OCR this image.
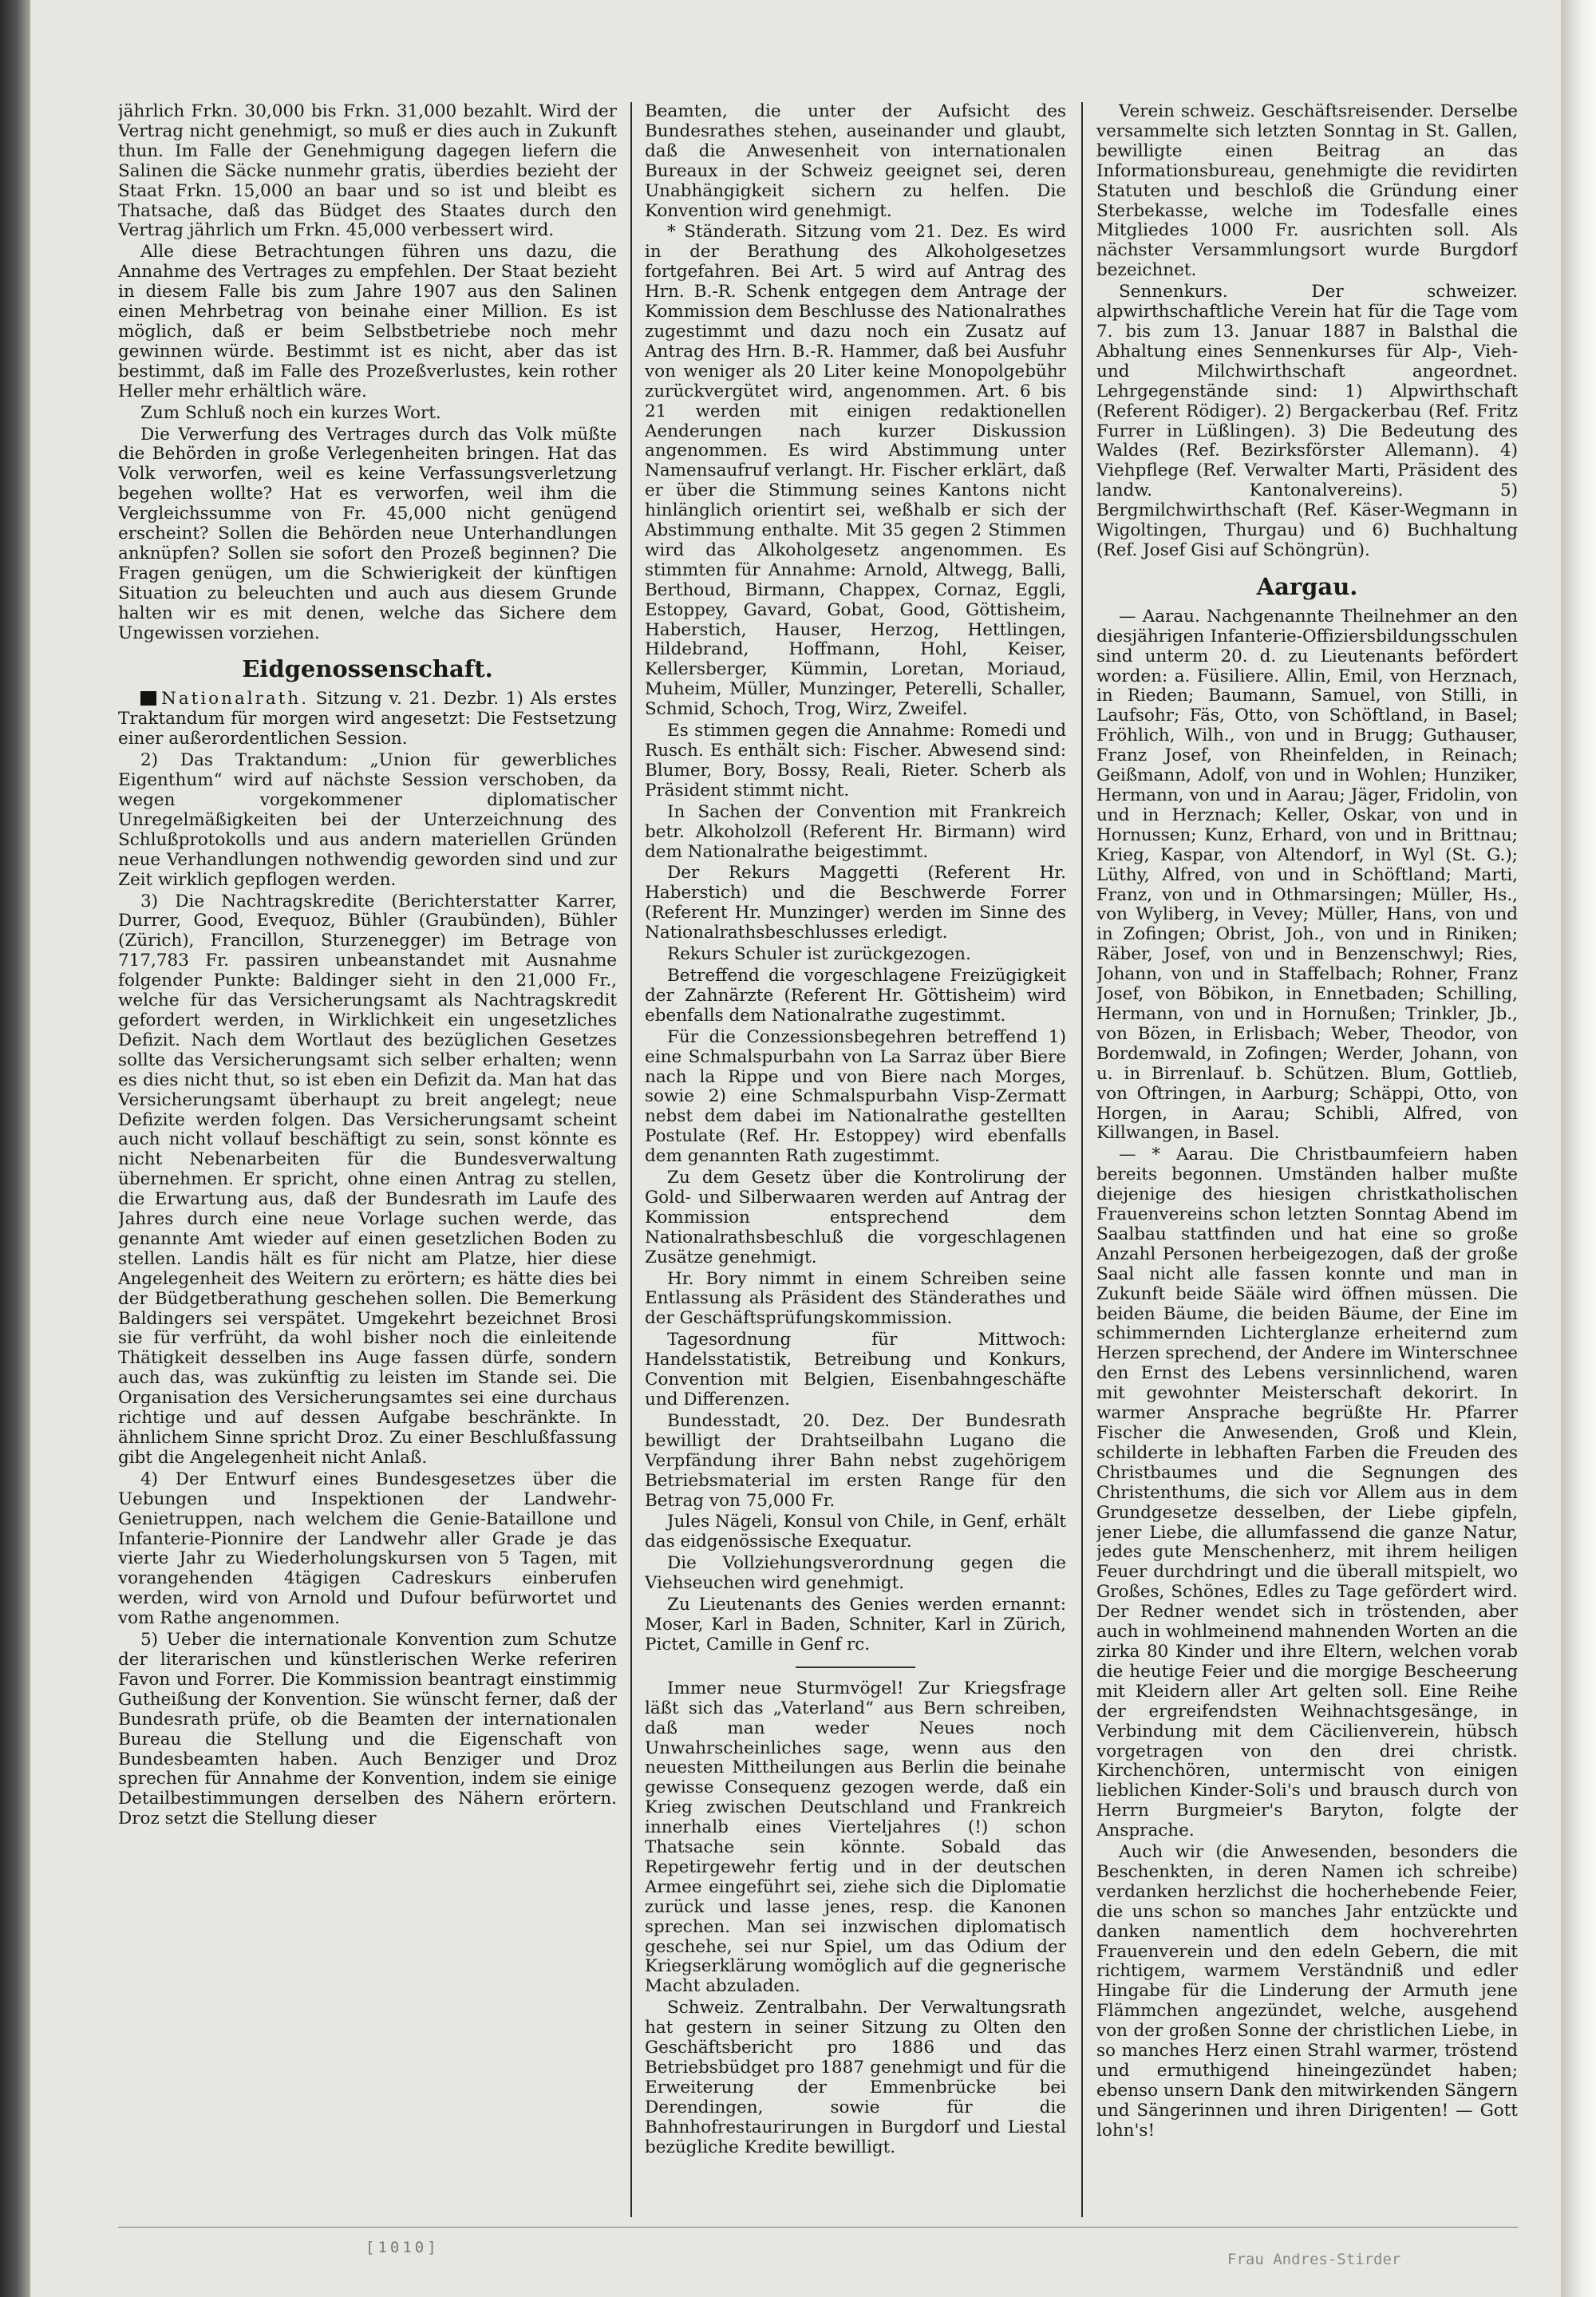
jährlich Frkn. 30,000 bis Frkn. 31,000 bezahlt. Wird der Vertrag nicht genehmigt, so muß er dies auch in Zukunft thun. Im Falle der Genehmigung dagegen liefern die Salinen die Säcke nunmehr gratis, überdies bezieht der Staat Frkn. 15,000 an baar und so ist und bleibt es Thatsache, daß das Büdget des Staates durch den Vertrag jährlich um Frkn. 45,000 verbessert wird.

Alle diese Betrachtungen führen uns dazu, die Annahme des Vertrages zu empfehlen. Der Staat bezieht in diesem Falle bis zum Jahre 1907 aus den Salinen einen Mehrbetrag von beinahe einer Million. Es ist möglich, daß er beim Selbstbetriebe noch mehr gewinnen würde. Bestimmt ist es nicht, aber das ist bestimmt, daß im Falle des Prozeßverlustes, kein rother Heller mehr erhältlich wäre.

Zum Schluß noch ein kurzes Wort.

Die Verwerfung des Vertrages durch das Volk müßte die Behörden in große Verlegenheiten bringen. Hat das Volk verworfen, weil es keine Verfassungsverletzung begehen wollte? Hat es verworfen, weil ihm die Vergleichssumme von Fr. 45,000 nicht genügend erscheint? Sollen die Behörden neue Unterhandlungen anknüpfen? Sollen sie sofort den Prozeß beginnen? Die Fragen genügen, um die Schwierigkeit der künftigen Situation zu beleuchten und auch aus diesem Grunde halten wir es mit denen, welche das Sichere dem Ungewissen vorziehen.

Eidgenossenschaft.

Nationalrath. Sitzung v. 21. Dezbr. 1) Als erstes Traktandum für morgen wird angesetzt: Die Festsetzung einer außerordentlichen Session.

2) Das Traktandum: „Union für gewerbliches Eigenthum“ wird auf nächste Session verschoben, da wegen vorgekommener diplomatischer Unregelmäßigkeiten bei der Unterzeichnung des Schlußprotokolls und aus andern materiellen Gründen neue Verhandlungen nothwendig geworden sind und zur Zeit wirklich gepflogen werden.

3) Die Nachtragskredite (Berichterstatter Karrer, Durrer, Good, Evequoz, Bühler (Graubünden), Bühler (Zürich), Francillon, Sturzenegger) im Betrage von 717,783 Fr. passiren unbeanstandet mit Ausnahme folgender Punkte: Baldinger sieht in den 21,000 Fr., welche für das Versicherungsamt als Nachtragskredit gefordert werden, in Wirklichkeit ein ungesetzliches Defizit. Nach dem Wortlaut des bezüglichen Gesetzes sollte das Versicherungsamt sich selber erhalten; wenn es dies nicht thut, so ist eben ein Defizit da. Man hat das Versicherungsamt überhaupt zu breit angelegt; neue Defizite werden folgen. Das Versicherungsamt scheint auch nicht vollauf beschäftigt zu sein, sonst könnte es nicht Nebenarbeiten für die Bundesverwaltung übernehmen. Er spricht, ohne einen Antrag zu stellen, die Erwartung aus, daß der Bundesrath im Laufe des Jahres durch eine neue Vorlage suchen werde, das genannte Amt wieder auf einen gesetzlichen Boden zu stellen. Landis hält es für nicht am Platze, hier diese Angelegenheit des Weitern zu erörtern; es hätte dies bei der Büdgetberathung geschehen sollen. Die Bemerkung Baldingers sei verspätet. Umgekehrt bezeichnet Brosi sie für verfrüht, da wohl bisher noch die einleitende Thätigkeit desselben ins Auge fassen dürfe, sondern auch das, was zukünftig zu leisten im Stande sei. Die Organisation des Versicherungsamtes sei eine durchaus richtige und auf dessen Aufgabe beschränkte. In ähnlichem Sinne spricht Droz. Zu einer Beschlußfassung gibt die Angelegenheit nicht Anlaß.

4) Der Entwurf eines Bundesgesetzes über die Uebungen und Inspektionen der Landwehr-Genietruppen, nach welchem die Genie-Bataillone und Infanterie-Pionnire der Landwehr aller Grade je das vierte Jahr zu Wiederholungskursen von 5 Tagen, mit vorangehenden 4tägigen Cadreskurs einberufen werden, wird von Arnold und Dufour befürwortet und vom Rathe angenommen.

5) Ueber die internationale Konvention zum Schutze der literarischen und künstlerischen Werke referiren Favon und Forrer. Die Kommission beantragt einstimmig Gutheißung der Konvention. Sie wünscht ferner, daß der Bundesrath prüfe, ob die Beamten der internationalen Bureau die Stellung und die Eigenschaft von Bundesbeamten haben. Auch Benziger und Droz sprechen für Annahme der Konvention, indem sie einige Detailbestimmungen derselben des Nähern erörtern. Droz setzt die Stellung dieser

Beamten, die unter der Aufsicht des Bundesrathes stehen, auseinander und glaubt, daß die Anwesenheit von internationalen Bureaux in der Schweiz geeignet sei, deren Unabhängigkeit sichern zu helfen. Die Konvention wird genehmigt.

* Ständerath. Sitzung vom 21. Dez. Es wird in der Berathung des Alkoholgesetzes fortgefahren. Bei Art. 5 wird auf Antrag des Hrn. B.-R. Schenk entgegen dem Antrage der Kommission dem Beschlusse des Nationalrathes zugestimmt und dazu noch ein Zusatz auf Antrag des Hrn. B.-R. Hammer, daß bei Ausfuhr von weniger als 20 Liter keine Monopolgebühr zurückvergütet wird, angenommen. Art. 6 bis 21 werden mit einigen redaktionellen Aenderungen nach kurzer Diskussion angenommen. Es wird Abstimmung unter Namensaufruf verlangt. Hr. Fischer erklärt, daß er über die Stimmung seines Kantons nicht hinlänglich orientirt sei, weßhalb er sich der Abstimmung enthalte. Mit 35 gegen 2 Stimmen wird das Alkoholgesetz angenommen. Es stimmten für Annahme: Arnold, Altwegg, Balli, Berthoud, Birmann, Chappex, Cornaz, Eggli, Estoppey, Gavard, Gobat, Good, Göttisheim, Haberstich, Hauser, Herzog, Hettlingen, Hildebrand, Hoffmann, Hohl, Keiser, Kellersberger, Kümmin, Loretan, Moriaud, Muheim, Müller, Munzinger, Peterelli, Schaller, Schmid, Schoch, Trog, Wirz, Zweifel.

Es stimmen gegen die Annahme: Romedi und Rusch. Es enthält sich: Fischer. Abwesend sind: Blumer, Bory, Bossy, Reali, Rieter. Scherb als Präsident stimmt nicht.

In Sachen der Convention mit Frankreich betr. Alkoholzoll (Referent Hr. Birmann) wird dem Nationalrathe beigestimmt.

Der Rekurs Maggetti (Referent Hr. Haberstich) und die Beschwerde Forrer (Referent Hr. Munzinger) werden im Sinne des Nationalrathsbeschlusses erledigt.

Rekurs Schuler ist zurückgezogen.

Betreffend die vorgeschlagene Freizügigkeit der Zahnärzte (Referent Hr. Göttisheim) wird ebenfalls dem Nationalrathe zugestimmt.

Für die Conzessionsbegehren betreffend 1) eine Schmalspurbahn von La Sarraz über Biere nach la Rippe und von Biere nach Morges, sowie 2) eine Schmalspurbahn Visp-Zermatt nebst dem dabei im Nationalrathe gestellten Postulate (Ref. Hr. Estoppey) wird ebenfalls dem genannten Rath zugestimmt.

Zu dem Gesetz über die Kontrolirung der Gold- und Silberwaaren werden auf Antrag der Kommission entsprechend dem Nationalrathsbeschluß die vorgeschlagenen Zusätze genehmigt.

Hr. Bory nimmt in einem Schreiben seine Entlassung als Präsident des Ständerathes und der Geschäftsprüfungskommission.

Tagesordnung für Mittwoch: Handelsstatistik, Betreibung und Konkurs, Convention mit Belgien, Eisenbahngeschäfte und Differenzen.

Bundesstadt, 20. Dez. Der Bundesrath bewilligt der Drahtseilbahn Lugano die Verpfändung ihrer Bahn nebst zugehörigem Betriebsmaterial im ersten Range für den Betrag von 75,000 Fr.

Jules Nägeli, Konsul von Chile, in Genf, erhält das eidgenössische Exequatur.

Die Vollziehungsverordnung gegen die Viehseuchen wird genehmigt.

Zu Lieutenants des Genies werden ernannt: Moser, Karl in Baden, Schniter, Karl in Zürich, Pictet, Camille in Genf rc.

Immer neue Sturmvögel! Zur Kriegsfrage läßt sich das „Vaterland“ aus Bern schreiben, daß man weder Neues noch Unwahrscheinliches sage, wenn aus den neuesten Mittheilungen aus Berlin die beinahe gewisse Consequenz gezogen werde, daß ein Krieg zwischen Deutschland und Frankreich innerhalb eines Vierteljahres (!) schon Thatsache sein könnte. Sobald das Repetirgewehr fertig und in der deutschen Armee eingeführt sei, ziehe sich die Diplomatie zurück und lasse jenes, resp. die Kanonen sprechen. Man sei inzwischen diplomatisch geschehe, sei nur Spiel, um das Odium der Kriegserklärung womöglich auf die gegnerische Macht abzuladen.

Schweiz. Zentralbahn. Der Verwaltungsrath hat gestern in seiner Sitzung zu Olten den Geschäftsbericht pro 1886 und das Betriebsbüdget pro 1887 genehmigt und für die Erweiterung der Emmenbrücke bei Derendingen, sowie für die Bahnhofrestaurirungen in Burgdorf und Liestal bezügliche Kredite bewilligt.

Verein schweiz. Geschäftsreisender. Derselbe versammelte sich letzten Sonntag in St. Gallen, bewilligte einen Beitrag an das Informationsbureau, genehmigte die revidirten Statuten und beschloß die Gründung einer Sterbekasse, welche im Todesfalle eines Mitgliedes 1000 Fr. ausrichten soll. Als nächster Versammlungsort wurde Burgdorf bezeichnet.

Sennenkurs. Der schweizer. alpwirthschaftliche Verein hat für die Tage vom 7. bis zum 13. Januar 1887 in Balsthal die Abhaltung eines Sennenkurses für Alp-, Vieh- und Milchwirthschaft angeordnet. Lehrgegenstände sind: 1) Alpwirthschaft (Referent Rödiger). 2) Bergackerbau (Ref. Fritz Furrer in Lüßlingen). 3) Die Bedeutung des Waldes (Ref. Bezirksförster Allemann). 4) Viehpflege (Ref. Verwalter Marti, Präsident des landw. Kantonalvereins). 5) Bergmilchwirthschaft (Ref. Käser-Wegmann in Wigoltingen, Thurgau) und 6) Buchhaltung (Ref. Josef Gisi auf Schöngrün).

Aargau.

— Aarau. Nachgenannte Theilnehmer an den diesjährigen Infanterie-Offiziersbildungsschulen sind unterm 20. d. zu Lieutenants befördert worden: a. Füsiliere. Allin, Emil, von Herznach, in Rieden; Baumann, Samuel, von Stilli, in Laufsohr; Fäs, Otto, von Schöftland, in Basel; Fröhlich, Wilh., von und in Brugg; Guthauser, Franz Josef, von Rheinfelden, in Reinach; Geißmann, Adolf, von und in Wohlen; Hunziker, Hermann, von und in Aarau; Jäger, Fridolin, von und in Herznach; Keller, Oskar, von und in Hornussen; Kunz, Erhard, von und in Brittnau; Krieg, Kaspar, von Altendorf, in Wyl (St. G.); Lüthy, Alfred, von und in Schöftland; Marti, Franz, von und in Othmarsingen; Müller, Hs., von Wyliberg, in Vevey; Müller, Hans, von und in Zofingen; Obrist, Joh., von und in Riniken; Räber, Josef, von und in Benzenschwyl; Ries, Johann, von und in Staffelbach; Rohner, Franz Josef, von Böbikon, in Ennetbaden; Schilling, Hermann, von und in Hornußen; Trinkler, Jb., von Bözen, in Erlisbach; Weber, Theodor, von Bordemwald, in Zofingen; Werder, Johann, von u. in Birrenlauf. b. Schützen. Blum, Gottlieb, von Oftringen, in Aarburg; Schäppi, Otto, von Horgen, in Aarau; Schibli, Alfred, von Killwangen, in Basel.

— * Aarau. Die Christbaumfeiern haben bereits begonnen. Umständen halber mußte diejenige des hiesigen christkatholischen Frauenvereins schon letzten Sonntag Abend im Saalbau stattfinden und hat eine so große Anzahl Personen herbeigezogen, daß der große Saal nicht alle fassen konnte und man in Zukunft beide Sääle wird öffnen müssen. Die beiden Bäume, die beiden Bäume, der Eine im schimmernden Lichterglanze erheiternd zum Herzen sprechend, der Andere im Winterschnee den Ernst des Lebens versinnlichend, waren mit gewohnter Meisterschaft dekorirt. In warmer Ansprache begrüßte Hr. Pfarrer Fischer die Anwesenden, Groß und Klein, schilderte in lebhaften Farben die Freuden des Christbaumes und die Segnungen des Christenthums, die sich vor Allem aus in dem Grundgesetze desselben, der Liebe gipfeln, jener Liebe, die allumfassend die ganze Natur, jedes gute Menschenherz, mit ihrem heiligen Feuer durchdringt und die überall mitspielt, wo Großes, Schönes, Edles zu Tage gefördert wird. Der Redner wendet sich in tröstenden, aber auch in wohlmeinend mahnenden Worten an die zirka 80 Kinder und ihre Eltern, welchen vorab die heutige Feier und die morgige Bescheerung mit Kleidern aller Art gelten soll. Eine Reihe der ergreifendsten Weihnachtsgesänge, in Verbindung mit dem Cäcilienverein, hübsch vorgetragen von den drei christk. Kirchenchören, untermischt von einigen lieblichen Kinder-Soli's und brausch durch von Herrn Burgmeier's Baryton, folgte der Ansprache.

Auch wir (die Anwesenden, besonders die Beschenkten, in deren Namen ich schreibe) verdanken herzlichst die hocherhebende Feier, die uns schon so manches Jahr entzückte und danken namentlich dem hochverehrten Frauenverein und den edeln Gebern, die mit richtigem, warmem Verständniß und edler Hingabe für die Linderung der Armuth jene Flämmchen angezündet, welche, ausgehend von der großen Sonne der christlichen Liebe, in so manches Herz einen Strahl warmer, tröstend und ermuthigend hineingezündet haben; ebenso unsern Dank den mitwirkenden Sängern und Sängerinnen und ihren Dirigenten! — Gott lohn's!

[1010]
Frau Andres-Stirder
